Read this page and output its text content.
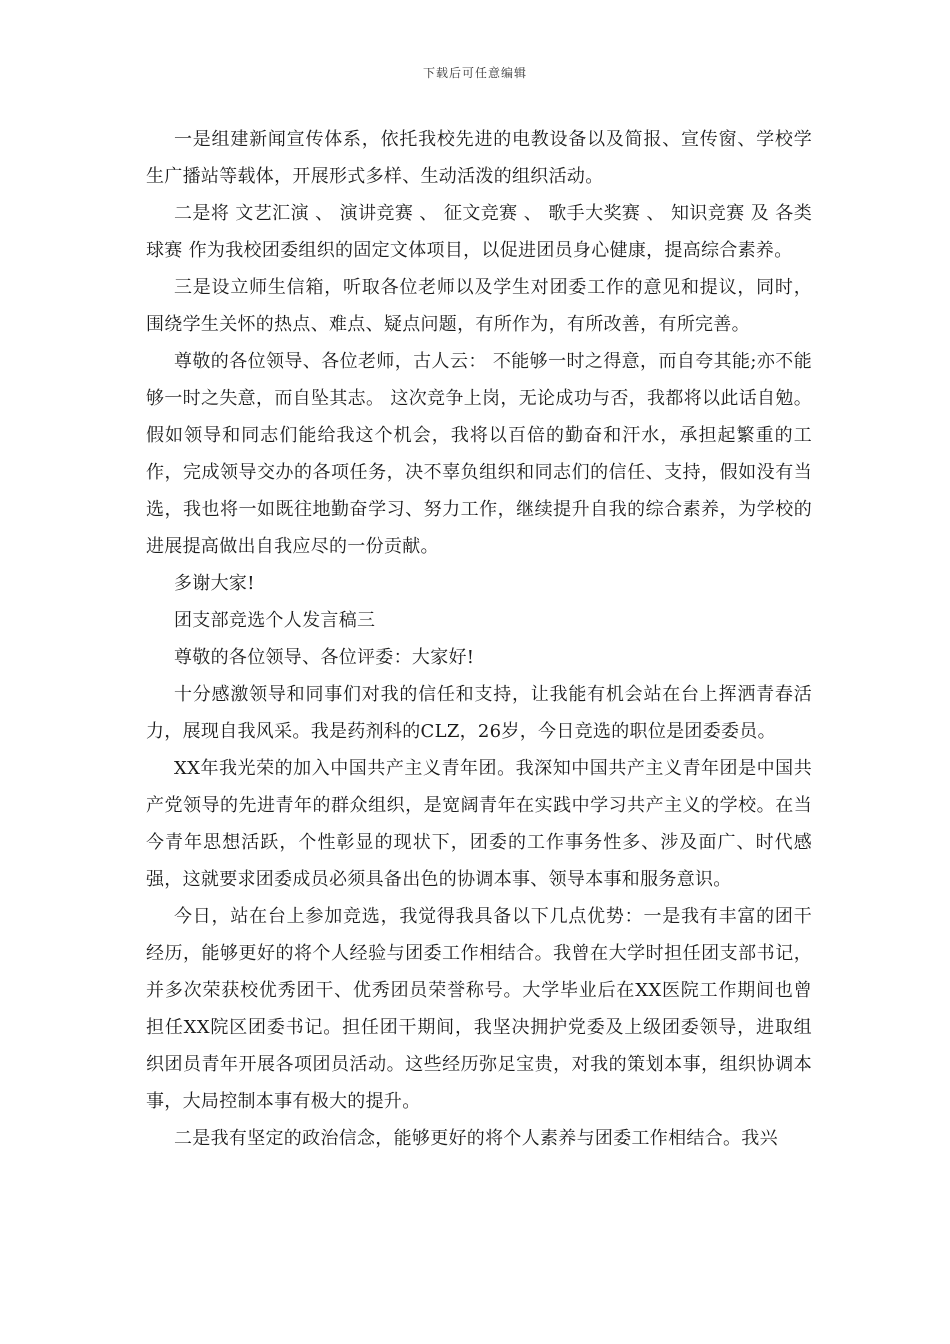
下载后可任意编辑

一是组建新闻宣传体系，依托我校先进的电教设备以及简报、宣传窗、学校学生广播站等载体，开展形式多样、生动活泼的组织活动。

二是将 文艺汇演 、 演讲竞赛 、 征文竞赛 、 歌手大奖赛 、 知识竞赛 及 各类球赛 作为我校团委组织的固定文体项目，以促进团员身心健康，提高综合素养。

三是设立师生信箱，听取各位老师以及学生对团委工作的意见和提议，同时，围绕学生关怀的热点、难点、疑点问题，有所作为，有所改善，有所完善。

尊敬的各位领导、各位老师，古人云： 不能够一时之得意，而自夸其能;亦不能够一时之失意，而自坠其志。 这次竞争上岗，无论成功与否，我都将以此话自勉。假如领导和同志们能给我这个机会，我将以百倍的勤奋和汗水，承担起繁重的工作，完成领导交办的各项任务，决不辜负组织和同志们的信任、支持，假如没有当选，我也将一如既往地勤奋学习、努力工作，继续提升自我的综合素养，为学校的进展提高做出自我应尽的一份贡献。

多谢大家!

团支部竞选个人发言稿三

尊敬的各位领导、各位评委：大家好!

十分感激领导和同事们对我的信任和支持，让我能有机会站在台上挥洒青春活力，展现自我风采。我是药剂科的CLZ，26岁，今日竞选的职位是团委委员。

XX年我光荣的加入中国共产主义青年团。我深知中国共产主义青年团是中国共产党领导的先进青年的群众组织，是宽阔青年在实践中学习共产主义的学校。在当今青年思想活跃，个性彰显的现状下，团委的工作事务性多、涉及面广、时代感强，这就要求团委成员必须具备出色的协调本事、领导本事和服务意识。

今日，站在台上参加竞选，我觉得我具备以下几点优势：一是我有丰富的团干经历，能够更好的将个人经验与团委工作相结合。我曾在大学时担任团支部书记，并多次荣获校优秀团干、优秀团员荣誉称号。大学毕业后在XX医院工作期间也曾担任XX院区团委书记。担任团干期间，我坚决拥护党委及上级团委领导，进取组织团员青年开展各项团员活动。这些经历弥足宝贵，对我的策划本事，组织协调本事，大局控制本事有极大的提升。

二是我有坚定的政治信念，能够更好的将个人素养与团委工作相结合。我兴
